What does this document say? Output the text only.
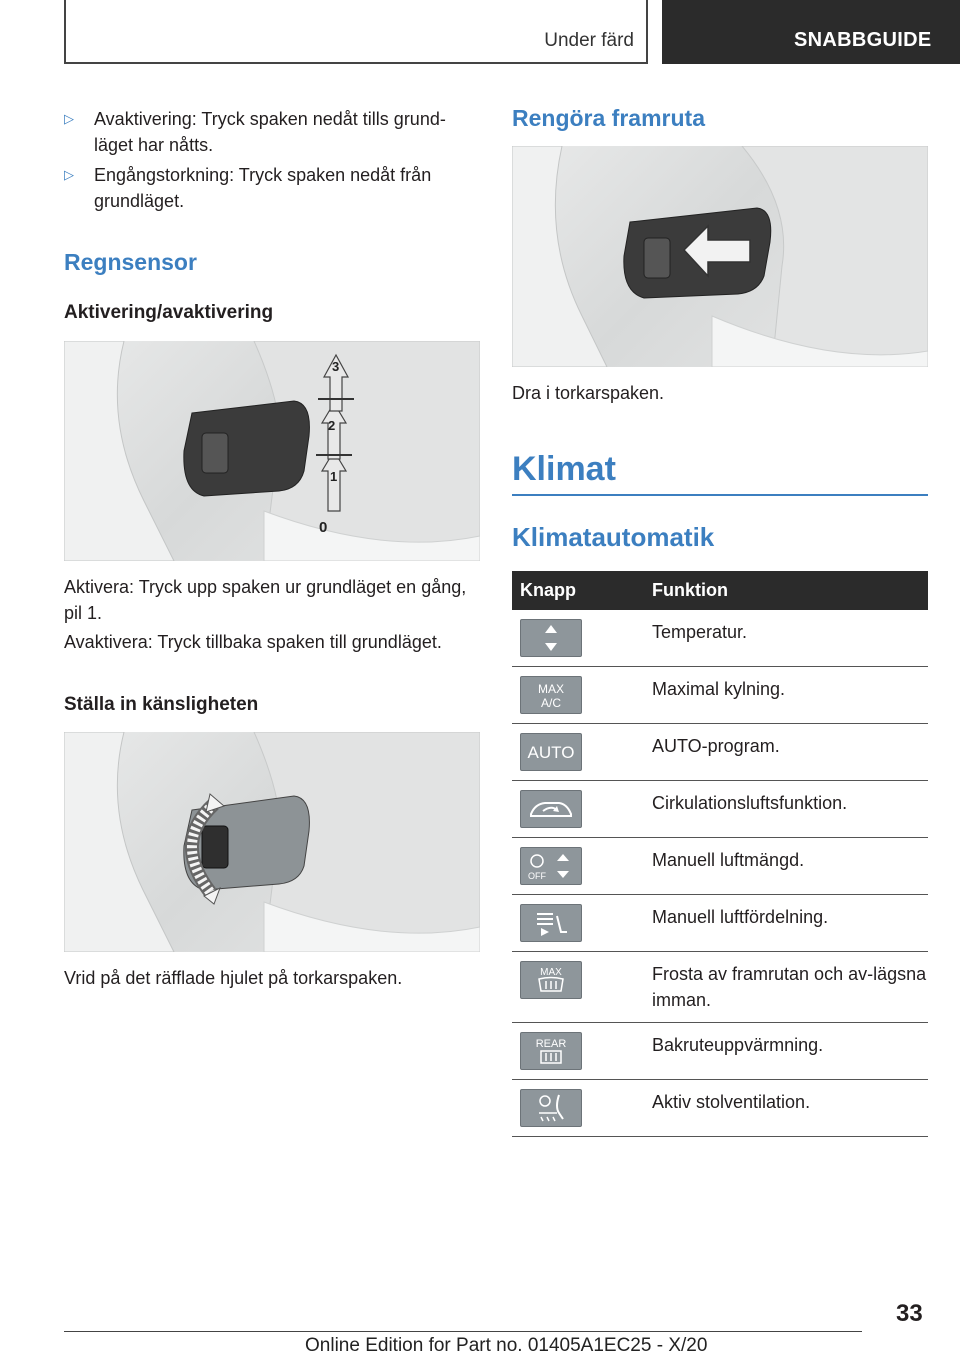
Under färd	SNABBGUIDE
▷ Avaktivering: Tryck spaken nedåt tills grund-läget har nåtts.
▷ Engångstorkning: Tryck spaken nedåt från grundläget.
Regnsensor
Aktivering/avaktivering
1
2
3
0
Aktivera: Tryck upp spaken ur grundläget en gång, pil 1.
Avaktivera: Tryck tillbaka spaken till grundläget.
Ställa in känsligheten
Vrid på det räfflade hjulet på torkarspaken.
Rengöra framruta
Dra i torkarspaken.
Klimat
Klimatautomatik
Knapp	Funktion

	Temperatur.

MAX
A/C	Maximal kylning.

AUTO	AUTO-program.

	Cirkulationsluftsfunktion.

OFF	Manuell luftmängd.

	Manuell luftfördelning.

MAX	Frosta av framrutan och av-lägsna imman.

REAR	Bakruteuppvärmning.

	Aktiv stolventilation.
33
Online Edition for Part no. 01405A1EC25 - X/20
